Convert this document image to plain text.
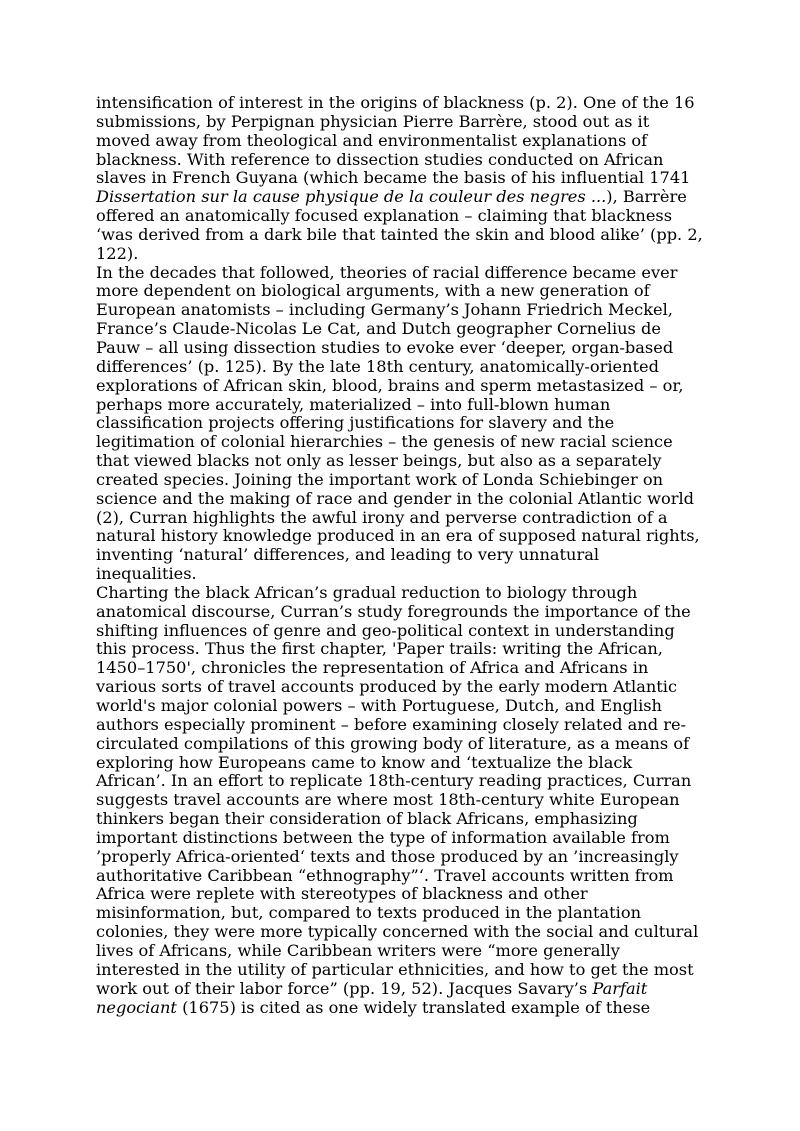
intensification of interest in the origins of blackness (p. 2). One of the 16
submissions, by Perpignan physician Pierre Barrère, stood out as it
moved away from theological and environmentalist explanations of
blackness. With reference to dissection studies conducted on African
slaves in French Guyana (which became the basis of his influential 1741
Dissertation sur la cause physique de la couleur des negres ...), Barrère
offered an anatomically focused explanation – claiming that blackness
‘was derived from a dark bile that tainted the skin and blood alike’ (pp. 2,
122).

In the decades that followed, theories of racial difference became ever
more dependent on biological arguments, with a new generation of
European anatomists – including Germany’s Johann Friedrich Meckel,
France’s Claude-Nicolas Le Cat, and Dutch geographer Cornelius de
Pauw – all using dissection studies to evoke ever ‘deeper, organ-based
differences’ (p. 125). By the late 18th century, anatomically-oriented
explorations of African skin, blood, brains and sperm metastasized – or,
perhaps more accurately, materialized – into full-blown human
classification projects offering justifications for slavery and the
legitimation of colonial hierarchies – the genesis of new racial science
that viewed blacks not only as lesser beings, but also as a separately
created species. Joining the important work of Londa Schiebinger on
science and the making of race and gender in the colonial Atlantic world
(2), Curran highlights the awful irony and perverse contradiction of a
natural history knowledge produced in an era of supposed natural rights,
inventing ‘natural’ differences, and leading to very unnatural
inequalities.

Charting the black African’s gradual reduction to biology through
anatomical discourse, Curran’s study foregrounds the importance of the
shifting influences of genre and geo-political context in understanding
this process. Thus the first chapter, 'Paper trails: writing the African,
1450–1750', chronicles the representation of Africa and Africans in
various sorts of travel accounts produced by the early modern Atlantic
world's major colonial powers – with Portuguese, Dutch, and English
authors especially prominent – before examining closely related and re-
circulated compilations of this growing body of literature, as a means of
exploring how Europeans came to know and ‘textualize the black
African’. In an effort to replicate 18th-century reading practices, Curran
suggests travel accounts are where most 18th-century white European
thinkers began their consideration of black Africans, emphasizing
important distinctions between the type of information available from
’properly Africa-oriented‘ texts and those produced by an ’increasingly
authoritative Caribbean “ethnography”‘. Travel accounts written from
Africa were replete with stereotypes of blackness and other
misinformation, but, compared to texts produced in the plantation
colonies, they were more typically concerned with the social and cultural
lives of Africans, while Caribbean writers were “more generally
interested in the utility of particular ethnicities, and how to get the most
work out of their labor force” (pp. 19, 52). Jacques Savary’s Parfait
negociant (1675) is cited as one widely translated example of these
